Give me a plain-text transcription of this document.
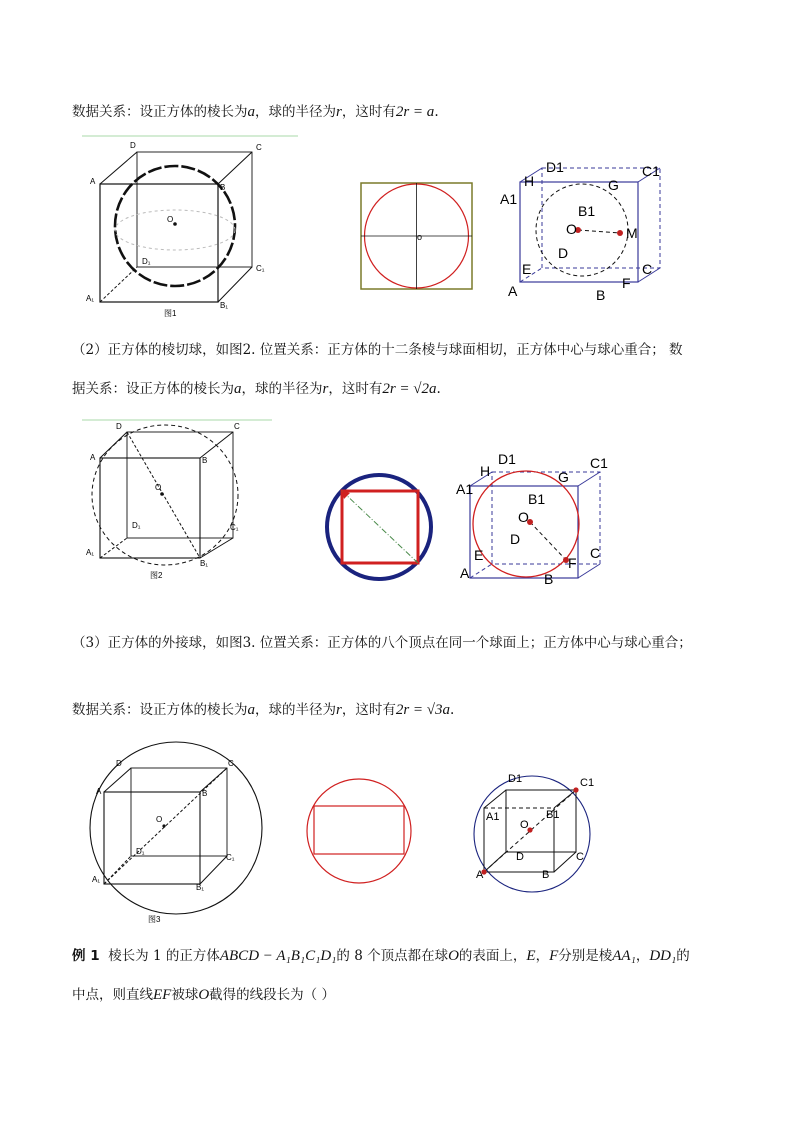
数据关系：设正方体的棱长为a，球的半径为r，这时有2r = a.
D	C
A
B
O
D₁
C₁
A₁
B₁
图1
o
D1	C1
H	G
A1
B1
O	M
E
D
C
A	B
F
（2）正方体的棱切球，如图2. 位置关系：正方体的十二条棱与球面相切，正方体中心与球心重合； 数
据关系：设正方体的棱长为a，球的半径为r，这时有2r = √2a.
D	C
A	B
O
D₁	C₁
A₁
B₁
图2
D1	C1
H	G
A1
B1
O
D
E	C
A	B
F
（3）正方体的外接球，如图3. 位置关系：正方体的八个顶点在同一个球面上；正方体中心与球心重合；
数据关系：设正方体的棱长为a，球的半径为r，这时有2r = √3a.
D	C
A	B
O
D₁
C₁
A₁
B₁
图3
D1	C1
A1	B1
O
D	C
A	B
例 1 棱长为 1 的正方体ABCD − A₁B₁C₁D₁的 8 个顶点都在球O的表面上，E，F分别是棱AA₁，DD₁的
中点，则直线EF被球O截得的线段长为（ ）
